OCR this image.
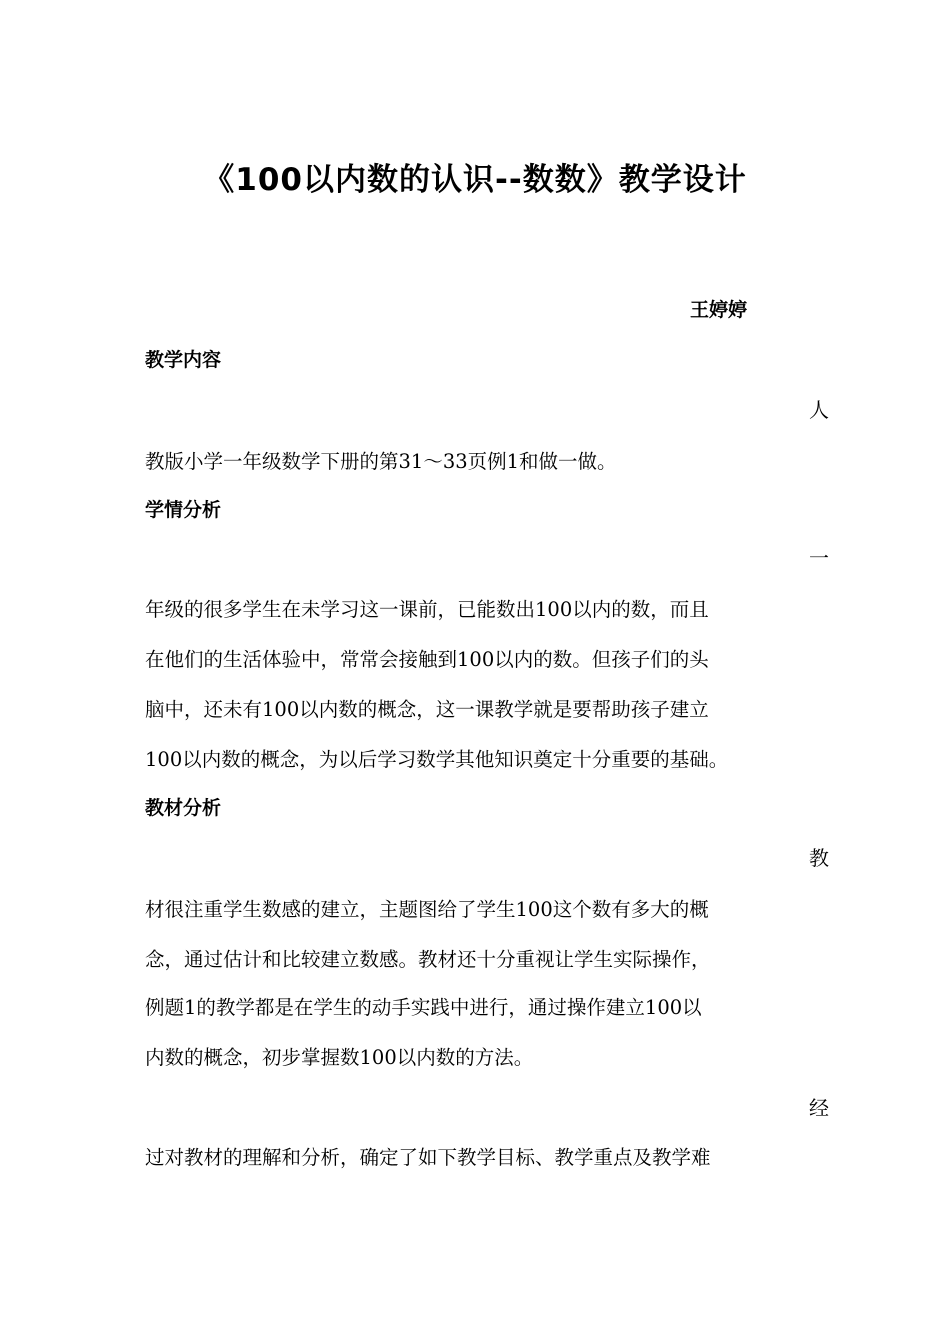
《100以内数的认识--数数》教学设计
王婷婷
教学内容
人
教版小学一年级数学下册的第31～33页例1和做一做。
学情分析
一
年级的很多学生在未学习这一课前，已能数出100以内的数，而且
在他们的生活体验中，常常会接触到100以内的数。但孩子们的头
脑中，还未有100以内数的概念，这一课教学就是要帮助孩子建立
100以内数的概念，为以后学习数学其他知识奠定十分重要的基础。
教材分析
教
材很注重学生数感的建立，主题图给了学生100这个数有多大的概
念，通过估计和比较建立数感。教材还十分重视让学生实际操作，
例题1的教学都是在学生的动手实践中进行，通过操作建立100以
内数的概念，初步掌握数100以内数的方法。
经
过对教材的理解和分析，确定了如下教学目标、教学重点及教学难
